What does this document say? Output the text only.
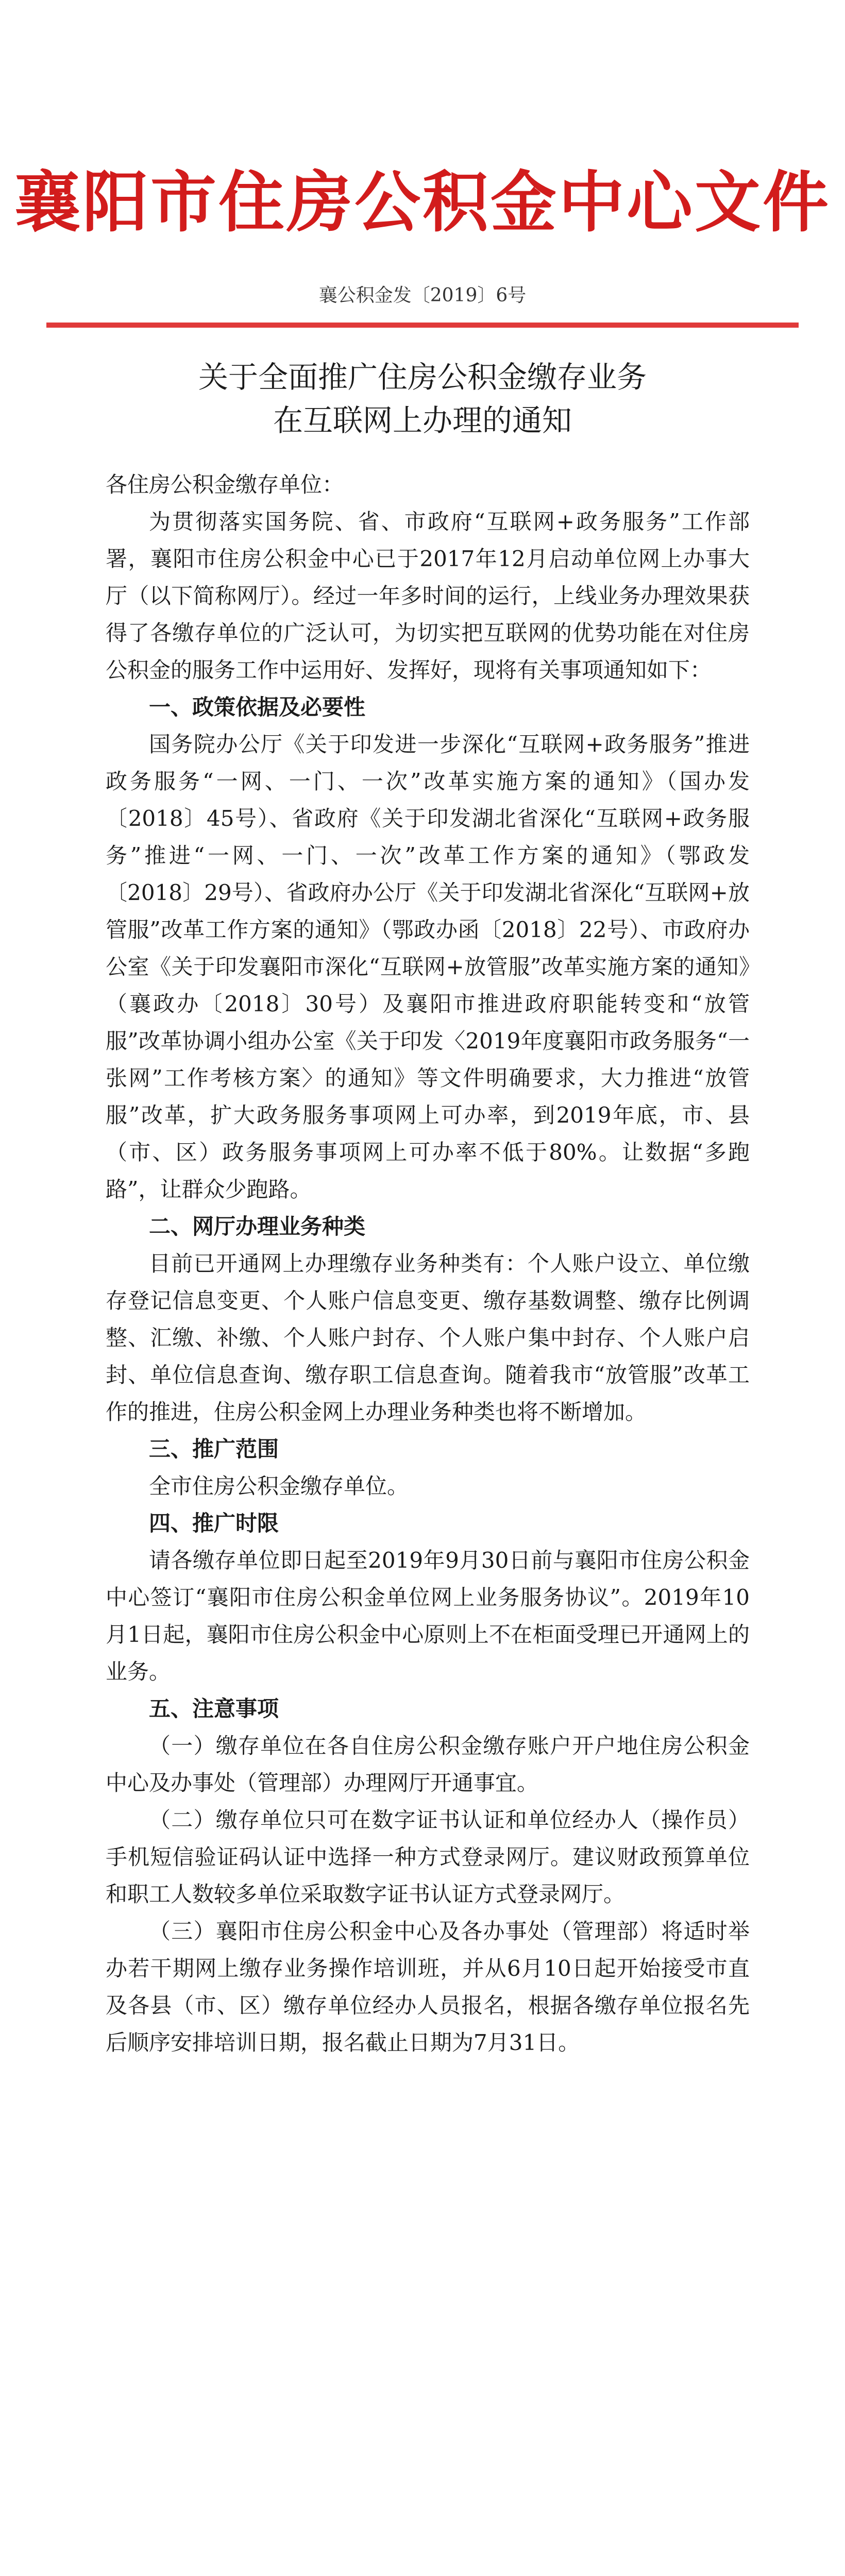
襄阳市住房公积金中心文件
襄公积金发〔2019〕6号
关于全面推广住房公积金缴存业务
在互联网上办理的通知

各住房公积金缴存单位：

为贯彻落实国务院、省、市政府“互联网+政务服务”工作部署，襄阳市住房公积金中心已于2017年12月启动单位网上办事大厅（以下简称网厅）。经过一年多时间的运行，上线业务办理效果获得了各缴存单位的广泛认可，为切实把互联网的优势功能在对住房公积金的服务工作中运用好、发挥好，现将有关事项通知如下：

一、政策依据及必要性

国务院办公厅《关于印发进一步深化“互联网+政务服务”推进政务服务“一网、一门、一次”改革实施方案的通知》（国办发〔2018〕45号）、省政府《关于印发湖北省深化“互联网+政务服务”推进“一网、一门、一次”改革工作方案的通知》（鄂政发〔2018〕29号）、省政府办公厅《关于印发湖北省深化“互联网+放管服”改革工作方案的通知》（鄂政办函〔2018〕22号）、市政府办公室《关于印发襄阳市深化“互联网+放管服”改革实施方案的通知》（襄政办〔2018〕30号）及襄阳市推进政府职能转变和“放管服”改革协调小组办公室《关于印发〈2019年度襄阳市政务服务“一张网”工作考核方案〉的通知》等文件明确要求，大力推进“放管服”改革，扩大政务服务事项网上可办率，到2019年底，市、县（市、区）政务服务事项网上可办率不低于80%。让数据“多跑路”，让群众少跑路。

二、网厅办理业务种类

目前已开通网上办理缴存业务种类有：个人账户设立、单位缴存登记信息变更、个人账户信息变更、缴存基数调整、缴存比例调整、汇缴、补缴、个人账户封存、个人账户集中封存、个人账户启封、单位信息查询、缴存职工信息查询。随着我市“放管服”改革工作的推进，住房公积金网上办理业务种类也将不断增加。

三、推广范围

全市住房公积金缴存单位。

四、推广时限

请各缴存单位即日起至2019年9月30日前与襄阳市住房公积金中心签订“襄阳市住房公积金单位网上业务服务协议”。2019年10月1日起，襄阳市住房公积金中心原则上不在柜面受理已开通网上的业务。

五、注意事项

（一）缴存单位在各自住房公积金缴存账户开户地住房公积金中心及办事处（管理部）办理网厅开通事宜。

（二）缴存单位只可在数字证书认证和单位经办人（操作员）手机短信验证码认证中选择一种方式登录网厅。建议财政预算单位和职工人数较多单位采取数字证书认证方式登录网厅。

（三）襄阳市住房公积金中心及各办事处（管理部）将适时举办若干期网上缴存业务操作培训班，并从6月10日起开始接受市直及各县（市、区）缴存单位经办人员报名，根据各缴存单位报名先后顺序安排培训日期，报名截止日期为7月31日。
